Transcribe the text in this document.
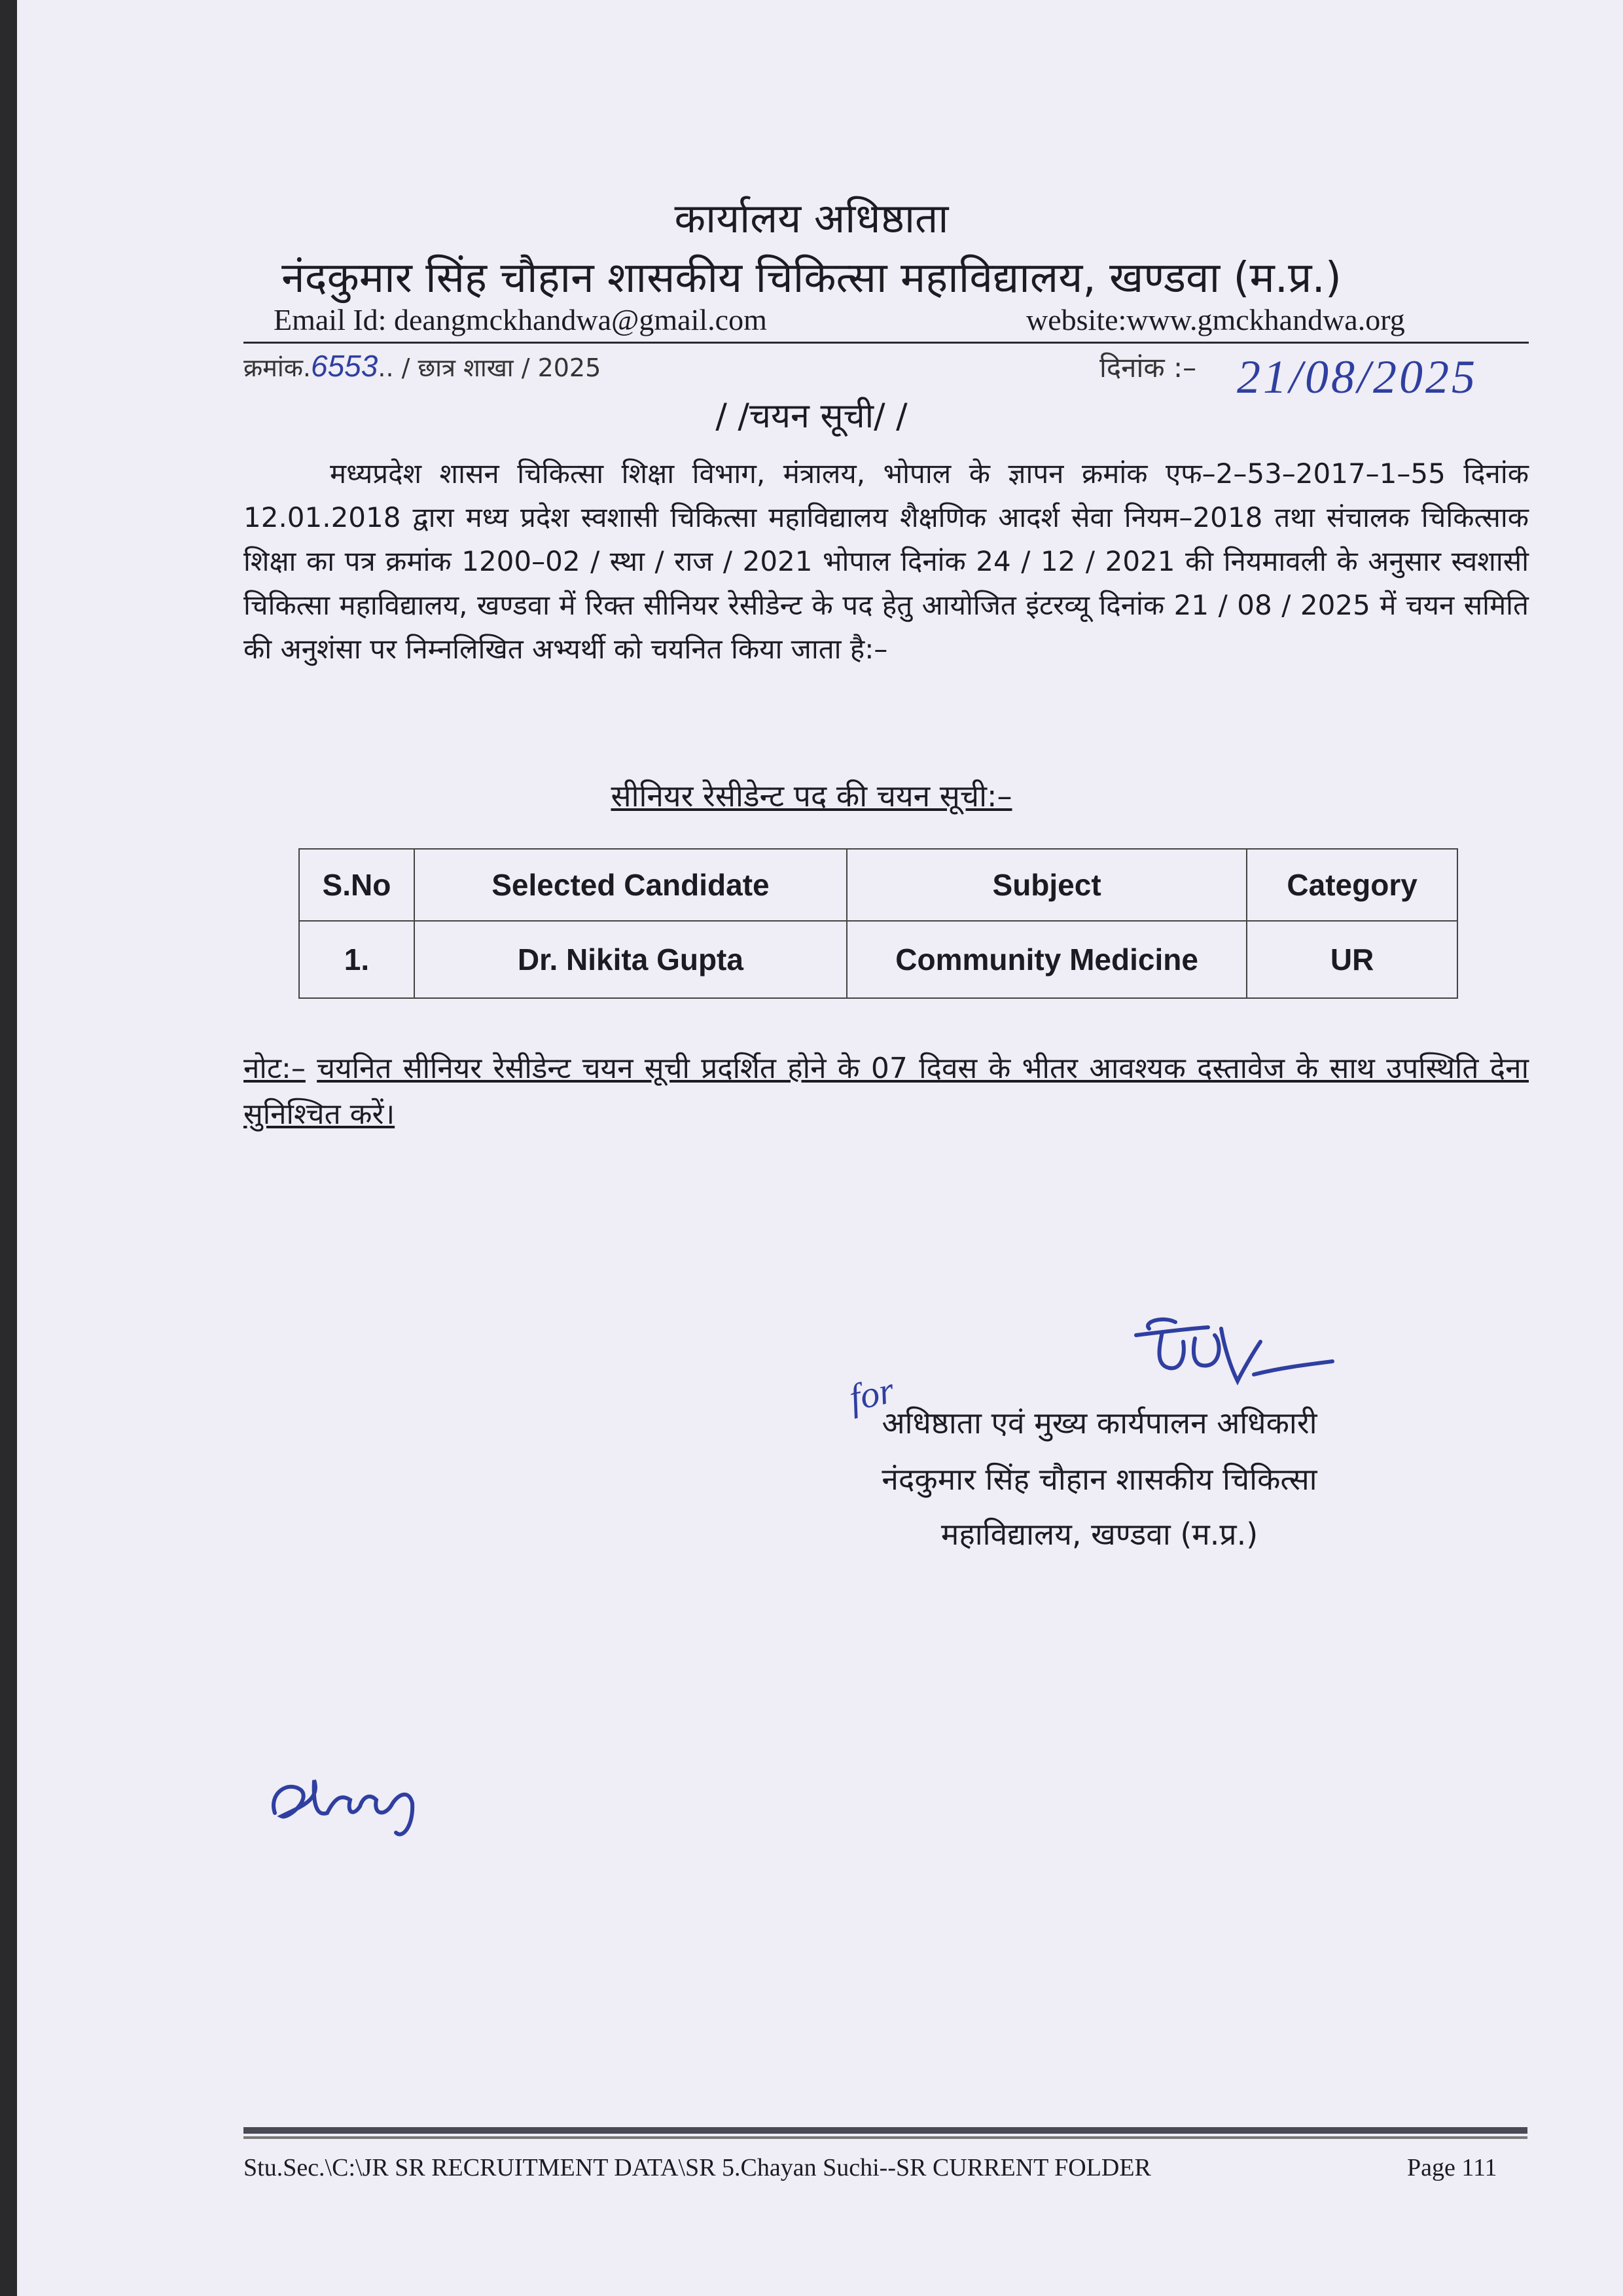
कार्यालय अधिष्ठाता
नंदकुमार सिंह चौहान शासकीय चिकित्सा महाविद्यालय, खण्डवा (म.प्र.)
Email Id: deangmckhandwa@gmail.com	website:www.gmckhandwa.org
क्रमांक.6553.. / छात्र शाखा / 2025	दिनांक :– 21/08/2025
/ /चयन सूची/ /
मध्यप्रदेश शासन चिकित्सा शिक्षा विभाग, मंत्रालय, भोपाल के ज्ञापन क्रमांक एफ–2–53–2017–1–55 दिनांक 12.01.2018 द्वारा मध्य प्रदेश स्वशासी चिकित्सा महाविद्यालय शैक्षणिक आदर्श सेवा नियम–2018 तथा संचालक चिकित्साक शिक्षा का पत्र क्रमांक 1200–02 / स्था / राज / 2021 भोपाल दिनांक 24 / 12 / 2021 की नियमावली के अनुसार स्वशासी चिकित्सा महाविद्यालय, खण्डवा में रिक्त सीनियर रेसीडेन्ट के पद हेतु आयोजित इंटरव्यू दिनांक 21 / 08 / 2025 में चयन समिति की अनुशंसा पर निम्नलिखित अभ्यर्थी को चयनित किया जाता है:–
सीनियर रेसीडेन्ट पद की चयन सूची:–
S.No	Selected Candidate	Subject	Category
1.	Dr. Nikita Gupta	Community Medicine	UR
नोट:– चयनित सीनियर रेसीडेन्ट चयन सूची प्रदर्शित होने के 07 दिवस के भीतर आवश्यक दस्तावेज के साथ उपस्थिति देना सुनिश्चित करें।
for
अधिष्ठाता एवं मुख्य कार्यपालन अधिकारी
नंदकुमार सिंह चौहान शासकीय चिकित्सा
महाविद्यालय, खण्डवा (म.प्र.)
Stu.Sec.\C:\JR SR RECRUITMENT DATA\SR 5.Chayan Suchi--SR CURRENT FOLDER	Page 111
